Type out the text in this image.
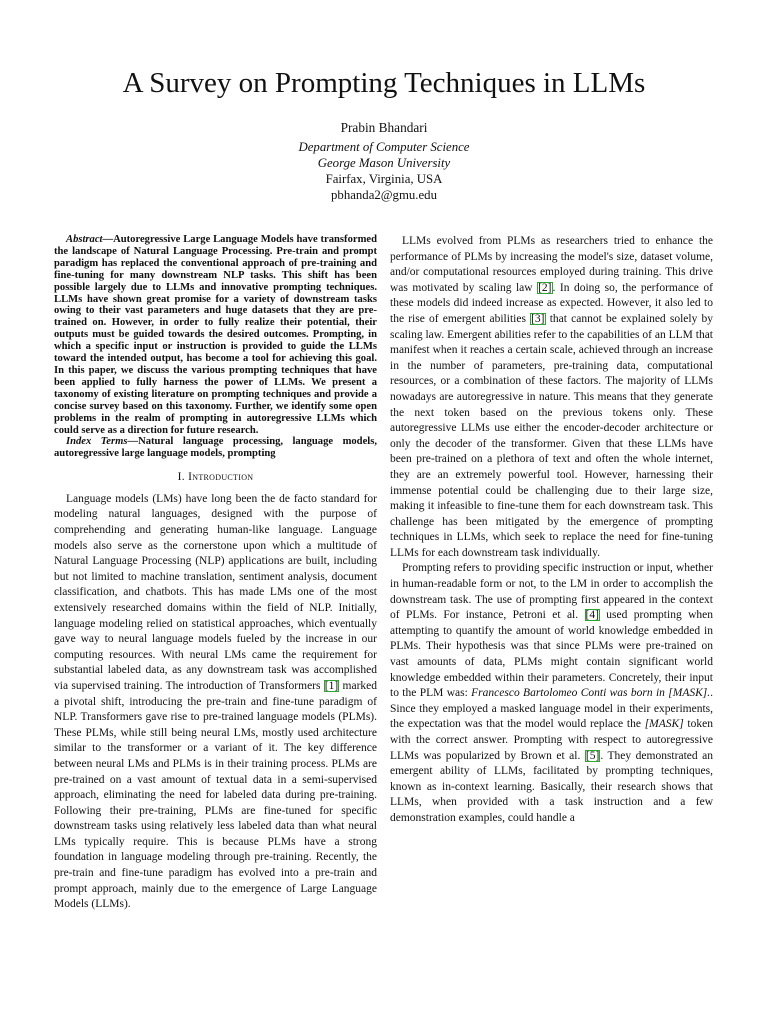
A Survey on Prompting Techniques in LLMs
Prabin Bhandari
Department of Computer Science
George Mason University
Fairfax, Virginia, USA
pbhanda2@gmu.edu

Abstract—Autoregressive Large Language Models have transformed the landscape of Natural Language Processing. Pre-train and prompt paradigm has replaced the conventional approach of pre-training and fine-tuning for many downstream NLP tasks. This shift has been possible largely due to LLMs and innovative prompting techniques. LLMs have shown great promise for a variety of downstream tasks owing to their vast parameters and huge datasets that they are pre-trained on. However, in order to fully realize their potential, their outputs must be guided towards the desired outcomes. Prompting, in which a specific input or instruction is provided to guide the LLMs toward the intended output, has become a tool for achieving this goal. In this paper, we discuss the various prompting techniques that have been applied to fully harness the power of LLMs. We present a taxonomy of existing literature on prompting techniques and provide a concise survey based on this taxonomy. Further, we identify some open problems in the realm of prompting in autoregressive LLMs which could serve as a direction for future research.

Index Terms—Natural language processing, language models, autoregressive large language models, prompting

I. Introduction

Language models (LMs) have long been the de facto standard for modeling natural languages, designed with the purpose of comprehending and generating human-like language. Language models also serve as the cornerstone upon which a multitude of Natural Language Processing (NLP) applications are built, including but not limited to machine translation, sentiment analysis, document classification, and chatbots. This has made LMs one of the most extensively researched domains within the field of NLP. Initially, language modeling relied on statistical approaches, which eventually gave way to neural language models fueled by the increase in our computing resources. With neural LMs came the requirement for substantial labeled data, as any downstream task was accomplished via supervised training. The introduction of Transformers [1] marked a pivotal shift, introducing the pre-train and fine-tune paradigm of NLP. Transformers gave rise to pre-trained language models (PLMs). These PLMs, while still being neural LMs, mostly used architecture similar to the transformer or a variant of it. The key difference between neural LMs and PLMs is in their training process. PLMs are pre-trained on a vast amount of textual data in a semi-supervised approach, eliminating the need for labeled data during pre-training. Following their pre-training, PLMs are fine-tuned for specific downstream tasks using relatively less labeled data than what neural LMs typically require. This is because PLMs have a strong foundation in language modeling through pre-training. Recently, the pre-train and fine-tune paradigm has evolved into a pre-train and prompt approach, mainly due to the emergence of Large Language Models (LLMs).

LLMs evolved from PLMs as researchers tried to enhance the performance of PLMs by increasing the model's size, dataset volume, and/or computational resources employed during training. This drive was motivated by scaling law [2]. In doing so, the performance of these models did indeed increase as expected. However, it also led to the rise of emergent abilities [3] that cannot be explained solely by scaling law. Emergent abilities refer to the capabilities of an LLM that manifest when it reaches a certain scale, achieved through an increase in the number of parameters, pre-training data, computational resources, or a combination of these factors. The majority of LLMs nowadays are autoregressive in nature. This means that they generate the next token based on the previous tokens only. These autoregressive LLMs use either the encoder-decoder architecture or only the decoder of the transformer. Given that these LLMs have been pre-trained on a plethora of text and often the whole internet, they are an extremely powerful tool. However, harnessing their immense potential could be challenging due to their large size, making it infeasible to fine-tune them for each downstream task. This challenge has been mitigated by the emergence of prompting techniques in LLMs, which seek to replace the need for fine-tuning LLMs for each downstream task individually.

Prompting refers to providing specific instruction or input, whether in human-readable form or not, to the LM in order to accomplish the downstream task. The use of prompting first appeared in the context of PLMs. For instance, Petroni et al. [4] used prompting when attempting to quantify the amount of world knowledge embedded in PLMs. Their hypothesis was that since PLMs were pre-trained on vast amounts of data, PLMs might contain significant world knowledge embedded within their parameters. Concretely, their input to the PLM was: Francesco Bartolomeo Conti was born in [MASK].. Since they employed a masked language model in their experiments, the expectation was that the model would replace the [MASK] token with the correct answer. Prompting with respect to autoregressive LLMs was popularized by Brown et al. [5]. They demonstrated an emergent ability of LLMs, facilitated by prompting techniques, known as in-context learning. Basically, their research shows that LLMs, when provided with a task instruction and a few demonstration examples, could handle a
